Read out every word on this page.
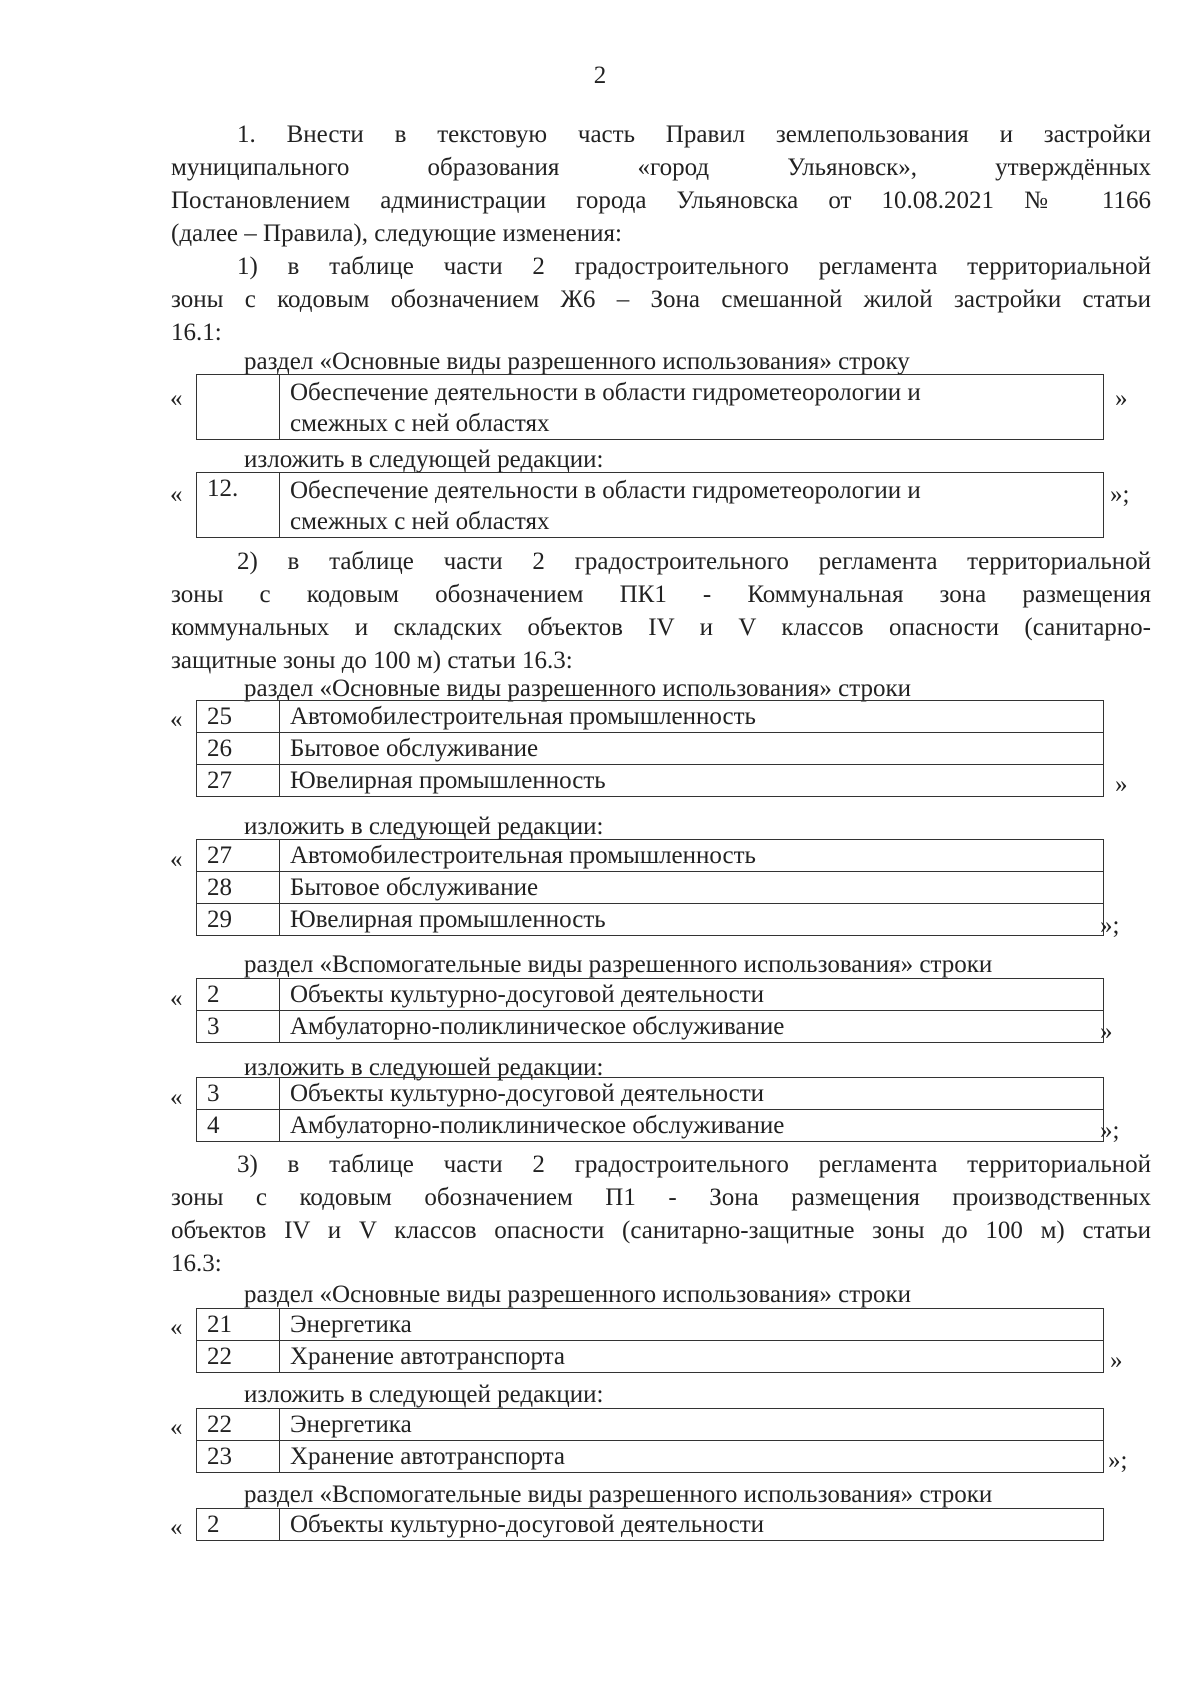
2
1. Внести в текстовую часть Правил землепользования и застройки
муниципального образования «город Ульяновск», утверждённых
Постановлением администрации города Ульяновска от 10.08.2021 № 1166
(далее – Правила), следующие изменения:
1) в таблице части 2 градостроительного регламента территориальной
зоны с кодовым обозначением Ж6 – Зона смешанной жилой застройки статьи
16.1:
раздел «Основные виды разрешенного использования» строку
«
		Обеспечение деятельности в области гидрометеорологии и
смежных с ней областях
»
изложить в следующей редакции:
« 12.	Обеспечение деятельности в области гидрометеорологии и
смежных с ней областях
»;
2) в таблице части 2 градостроительного регламента территориальной
зоны с кодовым обозначением ПК1 - Коммунальная зона размещения
коммунальных и складских объектов IV и V классов опасности (санитарно-
защитные зоны до 100 м) статьи 16.3:
раздел «Основные виды разрешенного использования» строки
« 25	Автомобилестроительная промышленность
26	Бытовое обслуживание
27	Ювелирная промышленность	»
изложить в следующей редакции:
« 27	Автомобилестроительная промышленность
28	Бытовое обслуживание
29	Ювелирная промышленность	»;
раздел «Вспомогательные виды разрешенного использования» строки
« 2	Объекты культурно-досуговой деятельности
3	Амбулаторно-поликлиническое обслуживание	»
изложить в следуюшей редакции:
« 3	Объекты культурно-досуговой деятельности
4	Амбулаторно-поликлиническое обслуживание	»;
3) в таблице части 2 градостроительного регламента территориальной
зоны с кодовым обозначением П1 - Зона размещения производственных
объектов IV и V классов опасности (санитарно-защитные зоны до 100 м) статьи
16.3:
раздел «Основные виды разрешенного использования» строки
« 21	Энергетика
22	Хранение автотранспорта	»
изложить в следующей редакции:
« 22	Энергетика
23	Хранение автотранспорта	»;
раздел «Вспомогательные виды разрешенного использования» строки
« 2	Объекты культурно-досуговой деятельности
